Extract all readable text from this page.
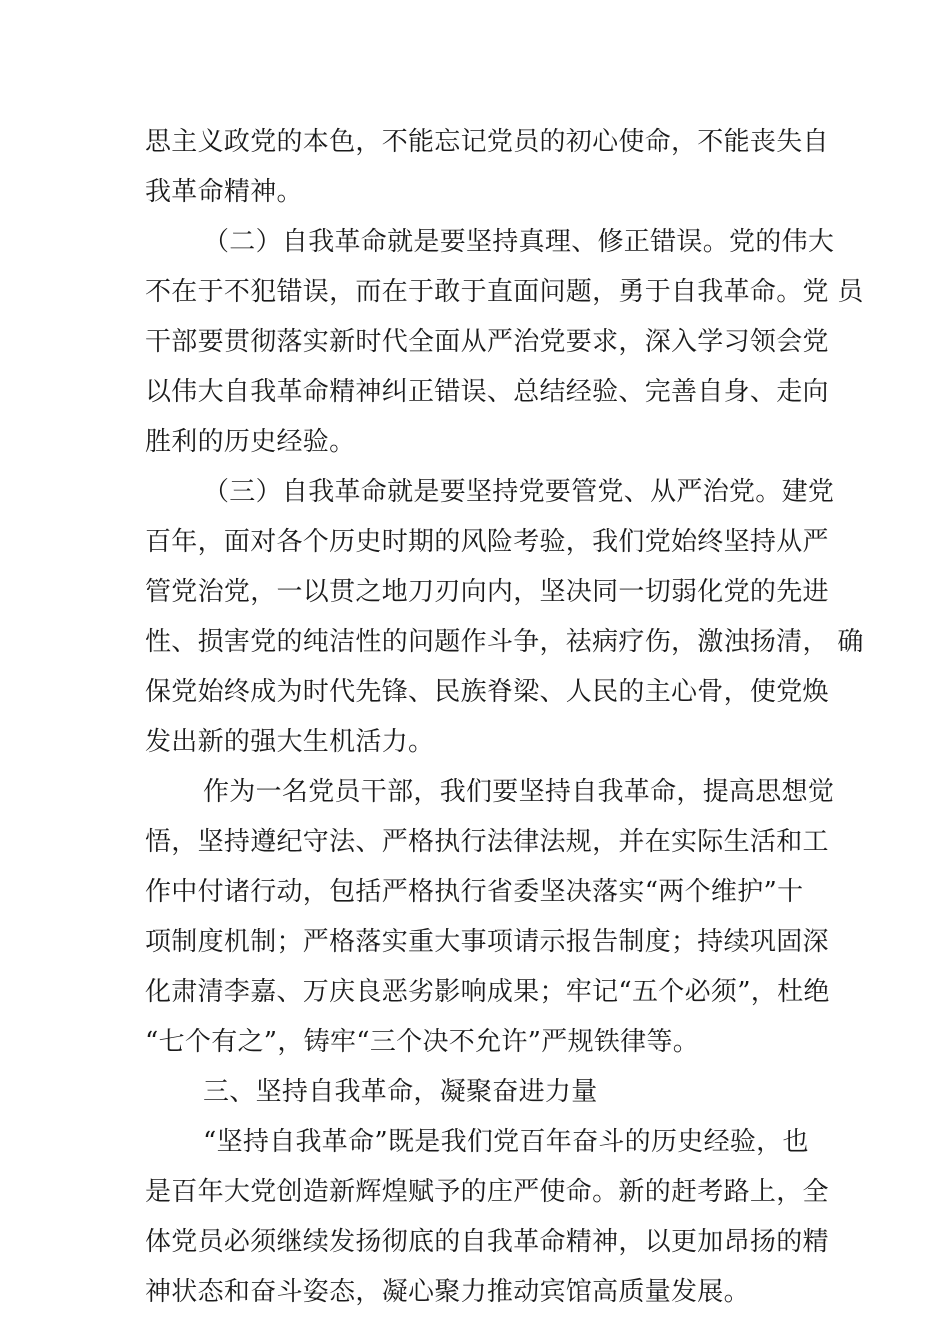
思主义政党的本色，不能忘记党员的初心使命，不能丧失自
我革命精神。
（二）自我革命就是要坚持真理、修正错误。党的伟大
不在于不犯错误，而在于敢于直面问题，勇于自我革命。党 员
干部要贯彻落实新时代全面从严治党要求，深入学习领会党
以伟大自我革命精神纠正错误、总结经验、完善自身、走向
胜利的历史经验。
（三）自我革命就是要坚持党要管党、从严治党。建党
百年，面对各个历史时期的风险考验，我们党始终坚持从严
管党治党，一以贯之地刀刃向内，坚决同一切弱化党的先进
性、损害党的纯洁性的问题作斗争，祛病疗伤，激浊扬清， 确
保党始终成为时代先锋、民族脊梁、人民的主心骨，使党焕
发出新的强大生机活力。
作为一名党员干部，我们要坚持自我革命，提高思想觉
悟，坚持遵纪守法、严格执行法律法规，并在实际生活和工
作中付诸行动，包括严格执行省委坚决落实“两个维护”十
项制度机制；严格落实重大事项请示报告制度；持续巩固深
化肃清李嘉、万庆良恶劣影响成果；牢记“五个必须”，杜绝
“七个有之”，铸牢“三个决不允许”严规铁律等。
三、坚持自我革命，凝聚奋进力量
“坚持自我革命”既是我们党百年奋斗的历史经验，也
是百年大党创造新辉煌赋予的庄严使命。新的赶考路上，全
体党员必须继续发扬彻底的自我革命精神，以更加昂扬的精
神状态和奋斗姿态，凝心聚力推动宾馆高质量发展。
